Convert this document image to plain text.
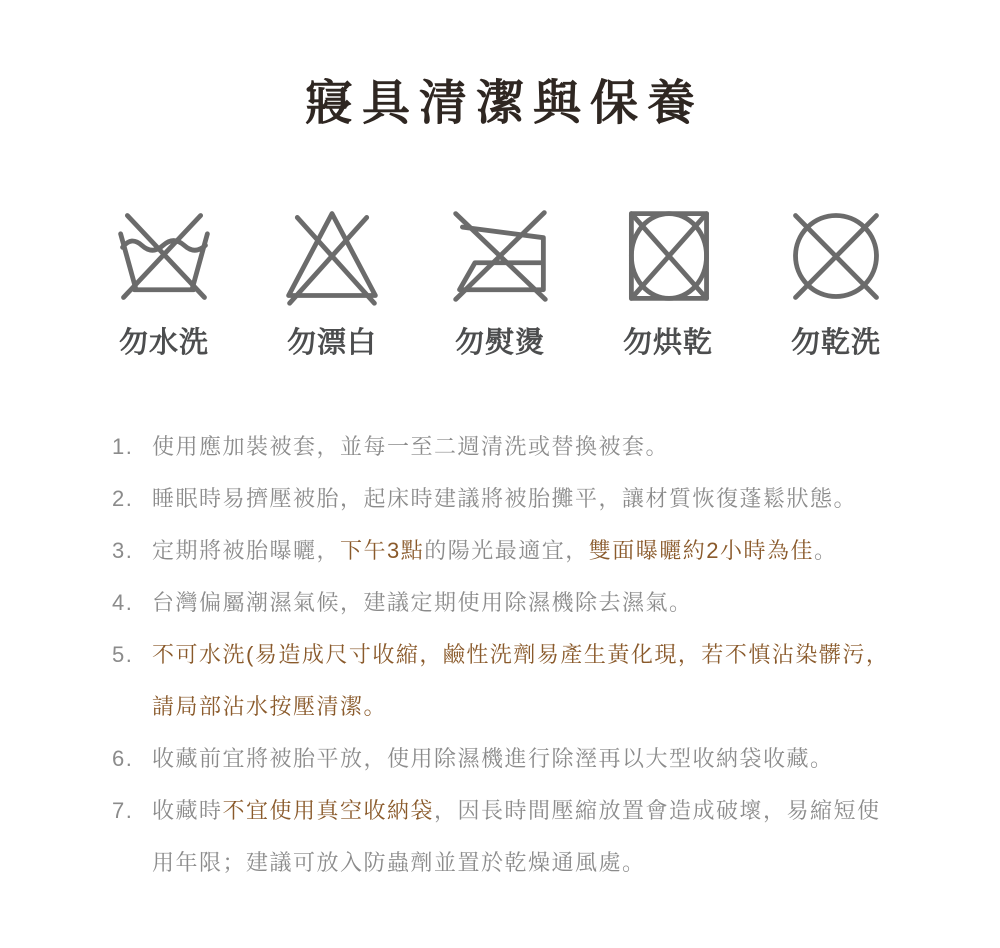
寢具清潔與保養
勿水洗	勿漂白	勿熨燙	勿烘乾	勿乾洗
1. 使用應加裝被套，並每一至二週清洗或替換被套。
2. 睡眠時易擠壓被胎，起床時建議將被胎攤平，讓材質恢復蓬鬆狀態。
3. 定期將被胎曝曬，下午3點的陽光最適宜，雙面曝曬約2小時為佳。
4. 台灣偏屬潮濕氣候，建議定期使用除濕機除去濕氣。
5. 不可水洗(易造成尺寸收縮，鹼性洗劑易產生黃化現，若不慎沾染髒污，請局部沾水按壓清潔。
6. 收藏前宜將被胎平放，使用除濕機進行除溼再以大型收納袋收藏。
7. 收藏時不宜使用真空收納袋，因長時間壓縮放置會造成破壞，易縮短使用年限；建議可放入防蟲劑並置於乾燥通風處。
